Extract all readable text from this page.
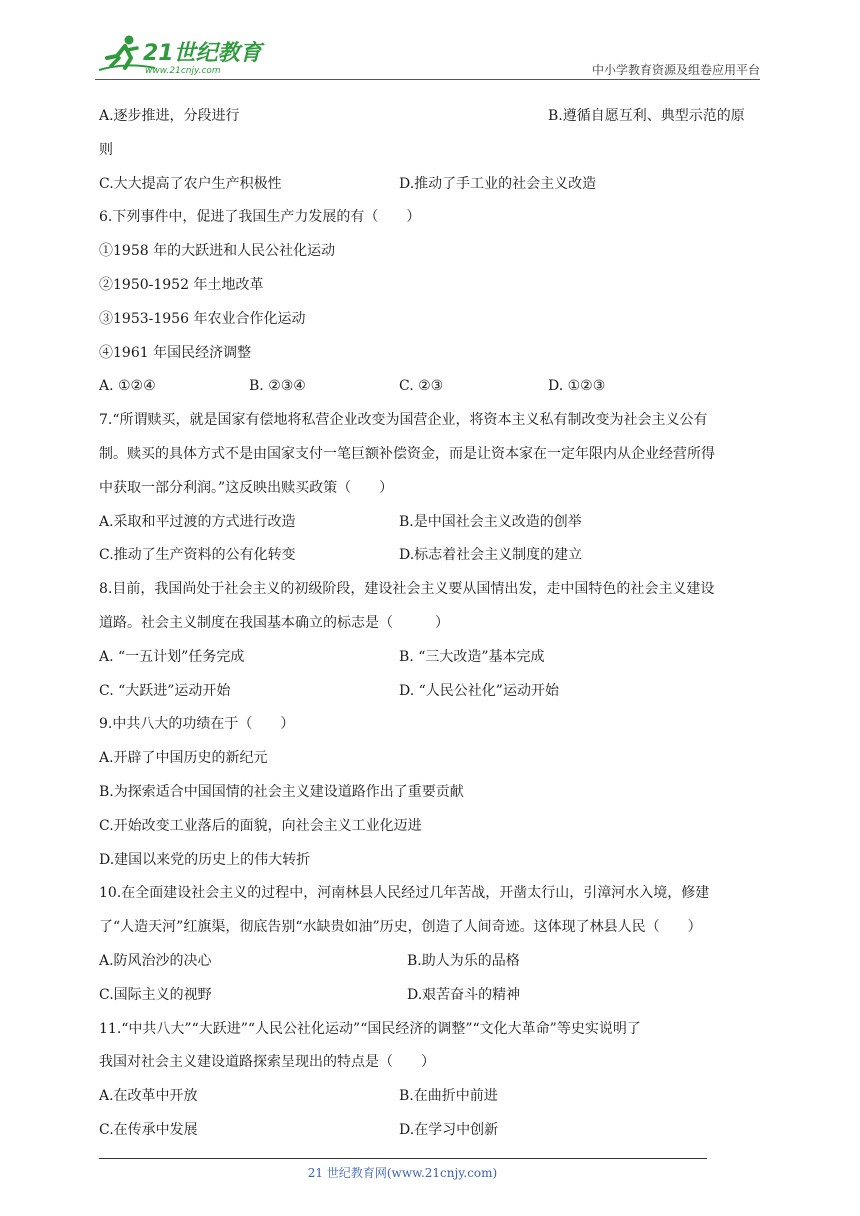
21世纪教育
www.21cnjy.com	中小学教育资源及组卷应用平台
A.逐步推进，分段进行	B.遵循自愿互利、典型示范的原
则
C.大大提高了农户生产积极性	D.推动了手工业的社会主义改造
6.下列事件中，促进了我国生产力发展的有（　　）
①1958 年的大跃进和人民公社化运动
②1950-1952 年土地改革
③1953-1956 年农业合作化运动
④1961 年国民经济调整
A. ①②④	B. ②③④	C. ②③	D. ①②③
7.“所谓赎买，就是国家有偿地将私营企业改变为国营企业，将资本主义私有制改变为社会主义公有
制。赎买的具体方式不是由国家支付一笔巨额补偿资金，而是让资本家在一定年限内从企业经营所得
中获取一部分利润。”这反映出赎买政策（　　）
A.采取和平过渡的方式进行改造	B.是中国社会主义改造的创举
C.推动了生产资料的公有化转变	D.标志着社会主义制度的建立
8.目前，我国尚处于社会主义的初级阶段，建设社会主义要从国情出发，走中国特色的社会主义建设
道路。社会主义制度在我国基本确立的标志是（　　　）
A. “一五计划”任务完成	B. “三大改造”基本完成
C. “大跃进”运动开始	D. “人民公社化”运动开始
9.中共八大的功绩在于（　　）
A.开辟了中国历史的新纪元
B.为探索适合中国国情的社会主义建设道路作出了重要贡献
C.开始改变工业落后的面貌，向社会主义工业化迈进
D.建国以来党的历史上的伟大转折
10.在全面建设社会主义的过程中，河南林县人民经过几年苦战，开凿太行山，引漳河水入境，修建
了“人造天河”红旗渠，彻底告别“水缺贵如油”历史，创造了人间奇迹。这体现了林县人民（　　）
A.防风治沙的决心	B.助人为乐的品格
C.国际主义的视野	D.艰苦奋斗的精神
11.“中共八大”“大跃进”“人民公社化运动”“国民经济的调整”“文化大革命”等史实说明了
我国对社会主义建设道路探索呈现出的特点是（　　）
A.在改革中开放	B.在曲折中前进
C.在传承中发展	D.在学习中创新
21 世纪教育网(www.21cnjy.com)
